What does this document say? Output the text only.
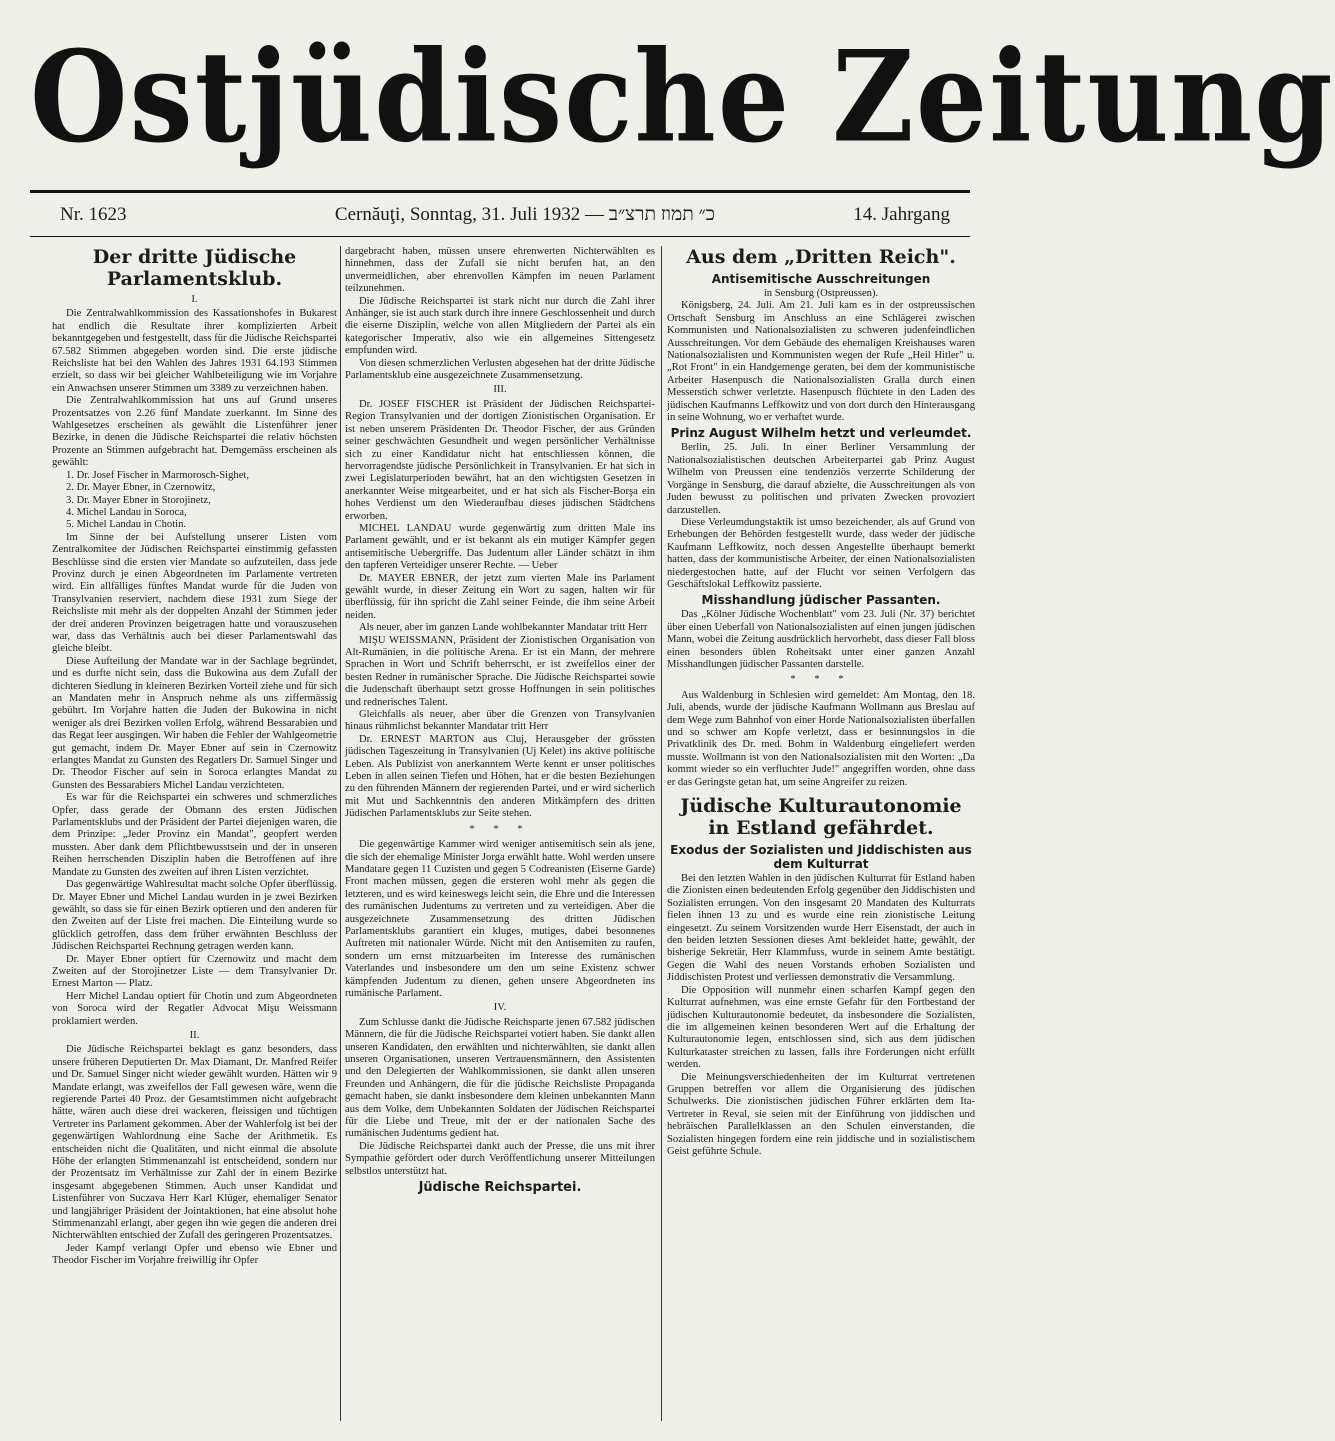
Ostjüdische Zeitung
Nr. 1623	Cernăuţi, Sonntag, 31. Juli 1932 — כ״ תמוז תרצ״ב	14. Jahrgang
Der dritte Jüdische Parlamentsklub.
I.

Die Zentralwahlkommission des Kassationshofes in Bukarest hat endlich die Resultate ihrer komplizierten Arbeit bekanntgegeben und festgestellt, dass für die Jüdische Reichspartei 67.582 Stimmen abgegeben worden sind. Die erste jüdische Reichsliste hat bei den Wahlen des Jahres 1931 64.193 Stimmen erzielt, so dass wir bei gleicher Wahlbeteiligung wie im Vorjahre ein Anwachsen unserer Stimmen um 3389 zu verzeichnen haben.

Die Zentralwahlkommission hat uns auf Grund unseres Prozentsatzes von 2.26 fünf Mandate zuerkannt. Im Sinne des Wahlgesetzes erscheinen als gewählt die Listenführer jener Bezirke, in denen die Jüdische Reichspartei die relativ höchsten Prozente an Stimmen aufgebracht hat. Demgemäss erscheinen als gewählt:

1. Dr. Josef Fischer in Marmorosch-Sighet,
2. Dr. Mayer Ebner, in Czernowitz,
3. Dr. Mayer Ebner in Storojinetz,
4. Michel Landau in Soroca,
5. Michel Landau in Chotin.

Im Sinne der bei Aufstellung unserer Listen vom Zentralkomitee der Jüdischen Reichspartei einstimmig gefassten Beschlüsse sind die ersten vier Mandate so aufzuteilen, dass jede Provinz durch je einen Abgeordneten im Parlamente vertreten wird. Ein allfälliges fünftes Mandat wurde für die Juden von Transylvanien reserviert, nachdem diese 1931 zum Siege der Reichsliste mit mehr als der doppelten Anzahl der Stimmen jeder der drei anderen Provinzen beigetragen hatte und vorauszusehen war, dass das Verhältnis auch bei dieser Parlamentswahl das gleiche bleibt.

Diese Aufteilung der Mandate war in der Sachlage begründet, und es durfte nicht sein, dass die Bukowina aus dem Zufall der dichteren Siedlung in kleineren Bezirken Vorteil ziehe und für sich an Mandaten mehr in Anspruch nehme als uns ziffermässig gebührt. Im Vorjahre hatten die Juden der Bukowina in nicht weniger als drei Bezirken vollen Erfolg, während Bessarabien und das Regat leer ausgingen. Wir haben die Fehler der Wahlgeometrie gut gemacht, indem Dr. Mayer Ebner auf sein in Czernowitz erlangtes Mandat zu Gunsten des Regatlers Dr. Samuel Singer und Dr. Theodor Fischer auf sein in Soroca erlangtes Mandat zu Gunsten des Bessarabiers Michel Landau verzichteten.

Es war für die Reichspartei ein schweres und schmerzliches Opfer, dass gerade der Obmann des ersten Jüdischen Parlamentsklubs und der Präsident der Partei diejenigen waren, die dem Prinzipe: „Jeder Provinz ein Mandat", geopfert werden mussten. Aber dank dem Pflichtbewusstsein und der in unseren Reihen herrschenden Disziplin haben die Betroffenen auf ihre Mandate zu Gunsten des zweiten auf ihren Listen verzichtet.

Das gegenwärtige Wahlresultat macht solche Opfer überflüssig. Dr. Mayer Ebner und Michel Landau wurden in je zwei Bezirken gewählt, so dass sie für einen Bezirk optieren und den anderen für den Zweiten auf der Liste frei machen. Die Einteilung wurde so glücklich getroffen, dass dem früher erwähnten Beschluss der Jüdischen Reichspartei Rechnung getragen werden kann.

Dr. Mayer Ebner optiert für Czernowitz und macht dem Zweiten auf der Storojinetzer Liste — dem Transylvanier Dr. Ernest Marton — Platz.

Herr Michel Landau optiert für Chotin und zum Abgeordneten von Soroca wird der Regatler Advocat Mişu Weissmann proklamiert werden.

II.

Die Jüdische Reichspartei beklagt es ganz besonders, dass unsere früheren Deputierten Dr. Max Diamant, Dr. Manfred Reifer und Dr. Samuel Singer nicht wieder gewählt wurden. Hätten wir 9 Mandate erlangt, was zweifellos der Fall gewesen wäre, wenn die regierende Partei 40 Proz. der Gesamtstimmen nicht aufgebracht hätte, wären auch diese drei wackeren, fleissigen und tüchtigen Vertreter ins Parlament gekommen. Aber der Wahlerfolg ist bei der gegenwärtigen Wahlordnung eine Sache der Arithmetik. Es entscheiden nicht die Qualitäten, und nicht einmal die absolute Höhe der erlangten Stimmenanzahl ist entscheidend, sondern nur der Prozentsatz im Verhältnisse zur Zahl der in einem Bezirke insgesamt abgegebenen Stimmen. Auch unser Kandidat und Listenführer von Suczava Herr Karl Klüger, ehemaliger Senator und langjähriger Präsident der Jointaktionen, hat eine absolut hohe Stimmenanzahl erlangt, aber gegen ihn wie gegen die anderen drei Nichterwählten entschied der Zufall des geringeren Prozentsatzes.

Jeder Kampf verlangt Opfer und ebenso wie Ebner und Theodor Fischer im Vorjahre freiwillig ihr Opfer

dargebracht haben, müssen unsere ehrenwerten Nichterwählten es hinnehmen, dass der Zufall sie nicht berufen hat, an den unvermeidlichen, aber ehrenvollen Kämpfen im neuen Parlament teilzunehmen.

Die Jüdische Reichspartei ist stark nicht nur durch die Zahl ihrer Anhänger, sie ist auch stark durch ihre innere Geschlossenheit und durch die eiserne Disziplin, welche von allen Mitgliedern der Partei als ein kategorischer Imperativ, also wie ein allgemeines Sittengesetz empfunden wird.

Von diesen schmerzlichen Verlusten abgesehen hat der dritte Jüdische Parlamentsklub eine ausgezeichnete Zusammensetzung.

III.

Dr. JOSEF FISCHER ist Präsident der Jüdischen Reichspartei-Region Transylvanien und der dortigen Zionistischen Organisation. Er ist neben unserem Präsidenten Dr. Theodor Fischer, der aus Gründen seiner geschwächten Gesundheit und wegen persönlicher Verhältnisse sich zu einer Kandidatur nicht hat entschliessen können, die hervorragendste jüdische Persönlichkeit in Transylvanien. Er hat sich in zwei Legislaturperioden bewährt, hat an den wichtigsten Gesetzen in anerkannter Weise mitgearbeitet, und er hat sich als Fischer-Borşa ein hohes Verdienst um den Wiederaufbau dieses jüdischen Städtchens erworben.

MICHEL LANDAU wurde gegenwärtig zum dritten Male ins Parlament gewählt, und er ist bekannt als ein mutiger Kämpfer gegen antisemitische Uebergriffe. Das Judentum aller Länder schätzt in ihm den tapferen Verteidiger unserer Rechte. — Ueber

Dr. MAYER EBNER, der jetzt zum vierten Male ins Parlament gewählt wurde, in dieser Zeitung ein Wort zu sagen, halten wir für überflüssig, für ihn spricht die Zahl seiner Feinde, die ihm seine Arbeit neiden.

Als neuer, aber im ganzen Lande wohlbekannter Mandatar tritt Herr

MIŞU WEISSMANN, Präsident der Zionistischen Organisation von Alt-Rumänien, in die politische Arena. Er ist ein Mann, der mehrere Sprachen in Wort und Schrift beherrscht, er ist zweifellos einer der besten Redner in rumänischer Sprache. Die Jüdische Reichspartei sowie die Judenschaft überhaupt setzt grosse Hoffnungen in sein politisches und rednerisches Talent.

Gleichfalls als neuer, aber über die Grenzen von Transylvanien hinaus rühmlichst bekannter Mandatar tritt Herr

Dr. ERNEST MARTON aus Cluj, Herausgeber der grössten jüdischen Tageszeitung in Transylvanien (Uj Kelet) ins aktive politische Leben. Als Publizist von anerkanntem Werte kennt er unser politisches Leben in allen seinen Tiefen und Höhen, hat er die besten Beziehungen zu den führenden Männern der regierenden Partei, und er wird sicherlich mit Mut und Sachkenntnis den anderen Mitkämpfern des dritten Jüdischen Parlamentsklubs zur Seite stehen.

* * *

Die gegenwärtige Kammer wird weniger antisemitisch sein als jene, die sich der ehemalige Minister Jorga erwählt hatte. Wohl werden unsere Mandatare gegen 11 Cuzisten und gegen 5 Codreanisten (Eiserne Garde) Front machen müssen, gegen die ersteren wohl mehr als gegen die letzteren, und es wird keineswegs leicht sein, die Ehre und die Interessen des rumänischen Judentums zu vertreten und zu verteidigen. Aber die ausgezeichnete Zusammensetzung des dritten Jüdischen Parlamentsklubs garantiert ein kluges, mutiges, dabei besonnenes Auftreten mit nationaler Würde. Nicht mit den Antisemiten zu raufen, sondern um ernst mitzuarbeiten im Interesse des rumänischen Vaterlandes und insbesondere um den um seine Existenz schwer kämpfenden Judentum zu dienen, gehen unsere Abgeordneten ins rumänische Parlament.

IV.

Zum Schlusse dankt die Jüdische Reichsparte jenen 67.582 jüdischen Männern, die für die Jüdische Reichspartei votiert haben. Sie dankt allen unseren Kandidaten, den erwählten und nichterwählten, sie dankt allen unseren Organisationen, unseren Vertrauensmännern, den Assistenten und den Delegierten der Wahlkommissionen, sie dankt allen unseren Freunden und Anhängern, die für die jüdische Reichsliste Propaganda gemacht haben, sie dankt insbesondere dem kleinen unbekannten Mann aus dem Volke, dem Unbekannten Soldaten der Jüdischen Reichspartei für die Liebe und Treue, mit der er der nationalen Sache des rumänischen Judentums gedient hat.

Die Jüdische Reichspartei dankt auch der Presse, die uns mit ihrer Sympathie gefördert oder durch Veröffentlichung unserer Mitteilungen selbstlos unterstützt hat.

Jüdische Reichspartei.
Aus dem „Dritten Reich".
Antisemitische Ausschreitungen
in Sensburg (Ostpreussen).

Königsberg, 24. Juli. Am 21. Juli kam es in der ostpreussischen Ortschaft Sensburg im Anschluss an eine Schlägerei zwischen Kommunisten und Nationalsozialisten zu schweren judenfeindlichen Ausschreitungen. Vor dem Gebäude des ehemaligen Kreishauses waren Nationalsozialisten und Kommunisten wegen der Rufe „Heil Hitler" u. „Rot Front" in ein Handgemenge geraten, bei dem der kommunistische Arbeiter Hasenpusch die Nationalsozialisten Gralla durch einen Messerstich schwer verletzte. Hasenpusch flüchtete in den Laden des jüdischen Kaufmanns Leffkowitz und von dort durch den Hinterausgang in seine Wohnung, wo er verhaftet wurde.

Prinz August Wilhelm hetzt und verleumdet.

Berlin, 25. Juli. In einer Berliner Versammlung der Nationalsozialistischen deutschen Arbeiterpartei gab Prinz August Wilhelm von Preussen eine tendenziös verzerrte Schilderung der Vorgänge in Sensburg, die darauf abzielte, die Ausschreitungen als von Juden bewusst zu politischen und privaten Zwecken provoziert darzustellen.

Diese Verleumdungstaktik ist umso bezeichender, als auf Grund von Erhebungen der Behörden festgestellt wurde, dass weder der jüdische Kaufmann Leffkowitz, noch dessen Angestellte überhaupt bemerkt hatten, dass der kommunistische Arbeiter, der einen Nationalsozialisten niedergestochen hatte, auf der Flucht vor seinen Verfolgern das Geschäftslokal Leffkowitz passierte.

Misshandlung jüdischer Passanten.

Das „Kölner Jüdische Wochenblatt" vom 23. Juli (Nr. 37) berichtet über einen Ueberfall von Nationalsozialisten auf einen jungen jüdischen Mann, wobei die Zeitung ausdrücklich hervorhebt, dass dieser Fall bloss einen besonders üblen Roheitsakt unter einer ganzen Anzahl Misshandlungen jüdischer Passanten darstelle.

* * *

Aus Waldenburg in Schlesien wird gemeldet: Am Montag, den 18. Juli, abends, wurde der jüdische Kaufmann Wollmann aus Breslau auf dem Wege zum Bahnhof von einer Horde Nationalsozialisten überfallen und so schwer am Kopfe verletzt, dass er besinnungslos in die Privatklinik des Dr. med. Bohm in Waldenburg eingeliefert werden musste. Wollmann ist von den Nationalsozialisten mit den Worten: „Da kommt wieder so ein verfluchter Jude!" angegriffen worden, ohne dass er das Geringste getan hat, um seine Angreifer zu reizen.

Jüdische Kulturautonomie in Estland gefährdet.
Exodus der Sozialisten und Jiddischisten aus dem Kulturrat

Bei den letzten Wahlen in den jüdischen Kulturrat für Estland haben die Zionisten einen bedeutenden Erfolg gegenüber den Jiddischisten und Sozialisten errungen. Von den insgesamt 20 Mandaten des Kulturrats fielen ihnen 13 zu und es wurde eine rein zionistische Leitung eingesetzt. Zu seinem Vorsitzenden wurde Herr Eisenstadt, der auch in den beiden letzten Sessionen dieses Amt bekleidet hatte, gewählt, der bisherige Sekretär, Herr Klammfuss, wurde in seinem Amte bestätigt. Gegen die Wahl des neuen Vorstands erhoben Sozialisten und Jiddischisten Protest und verliessen demonstrativ die Versammlung.

Die Opposition will nunmehr einen scharfen Kampf gegen den Kulturrat aufnehmen, was eine ernste Gefahr für den Fortbestand der jüdischen Kulturautonomie bedeutet, da insbesondere die Sozialisten, die im allgemeinen keinen besonderen Wert auf die Erhaltung der Kulturautonomie legen, entschlossen sind, sich aus dem jüdischen Kulturkataster streichen zu lassen, falls ihre Forderungen nicht erfüllt werden.

Die Meinungsverschiedenheiten der im Kulturrat vertretenen Gruppen betreffen vor allem die Organisierung des jüdischen Schulwerks. Die zionistischen jüdischen Führer erklärten dem Ita-Vertreter in Reval, sie seien mit der Einführung von jiddischen und hebräischen Parallelklassen an den Schulen einverstanden, die Sozialisten hingegen fordern eine rein jiddische und in sozialistischem Geist geführte Schule.
